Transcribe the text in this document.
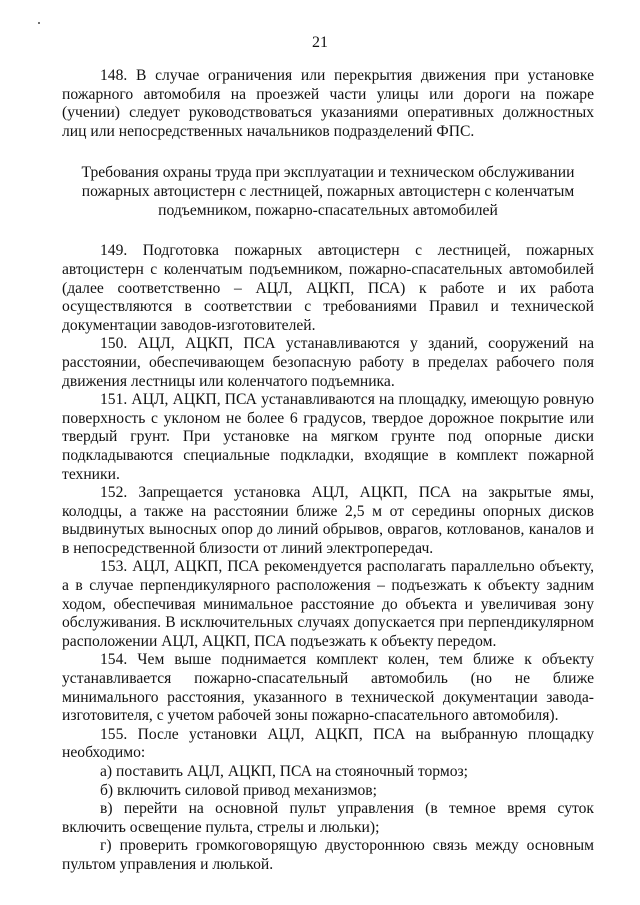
21

148. В случае ограничения или перекрытия движения при установке пожарного автомобиля на проезжей части улицы или дороги на пожаре (учении) следует руководствоваться указаниями оперативных должностных лиц или непосредственных начальников подразделений ФПС.

Требования охраны труда при эксплуатации и техническом обслуживании
пожарных автоцистерн с лестницей, пожарных автоцистерн с коленчатым
подъемником, пожарно-спасательных автомобилей

149. Подготовка пожарных автоцистерн с лестницей, пожарных автоцистерн с коленчатым подъемником, пожарно-спасательных автомобилей (далее соответственно – АЦЛ, АЦКП, ПСА) к работе и их работа осуществляются в соответствии с требованиями Правил и технической документации заводов-изготовителей.

150. АЦЛ, АЦКП, ПСА устанавливаются у зданий, сооружений на расстоянии, обеспечивающем безопасную работу в пределах рабочего поля движения лестницы или коленчатого подъемника.

151. АЦЛ, АЦКП, ПСА устанавливаются на площадку, имеющую ровную поверхность с уклоном не более 6 градусов, твердое дорожное покрытие или твердый грунт. При установке на мягком грунте под опорные диски подкладываются специальные подкладки, входящие в комплект пожарной техники.

152. Запрещается установка АЦЛ, АЦКП, ПСА на закрытые ямы, колодцы, а также на расстоянии ближе 2,5 м от середины опорных дисков выдвинутых выносных опор до линий обрывов, оврагов, котлованов, каналов и в непосредственной близости от линий электропередач.

153. АЦЛ, АЦКП, ПСА рекомендуется располагать параллельно объекту, а в случае перпендикулярного расположения – подъезжать к объекту задним ходом, обеспечивая минимальное расстояние до объекта и увеличивая зону обслуживания. В исключительных случаях допускается при перпендикулярном расположении АЦЛ, АЦКП, ПСА подъезжать к объекту передом.

154. Чем выше поднимается комплект колен, тем ближе к объекту устанавливается пожарно-спасательный автомобиль (но не ближе минимального расстояния, указанного в технической документации завода-изготовителя, с учетом рабочей зоны пожарно-спасательного автомобиля).

155. После установки АЦЛ, АЦКП, ПСА на выбранную площадку необходимо:

а) поставить АЦЛ, АЦКП, ПСА на стояночный тормоз;

б) включить силовой привод механизмов;

в) перейти на основной пульт управления (в темное время суток включить освещение пульта, стрелы и люльки);

г) проверить громкоговорящую двустороннюю связь между основным пультом управления и люлькой.
